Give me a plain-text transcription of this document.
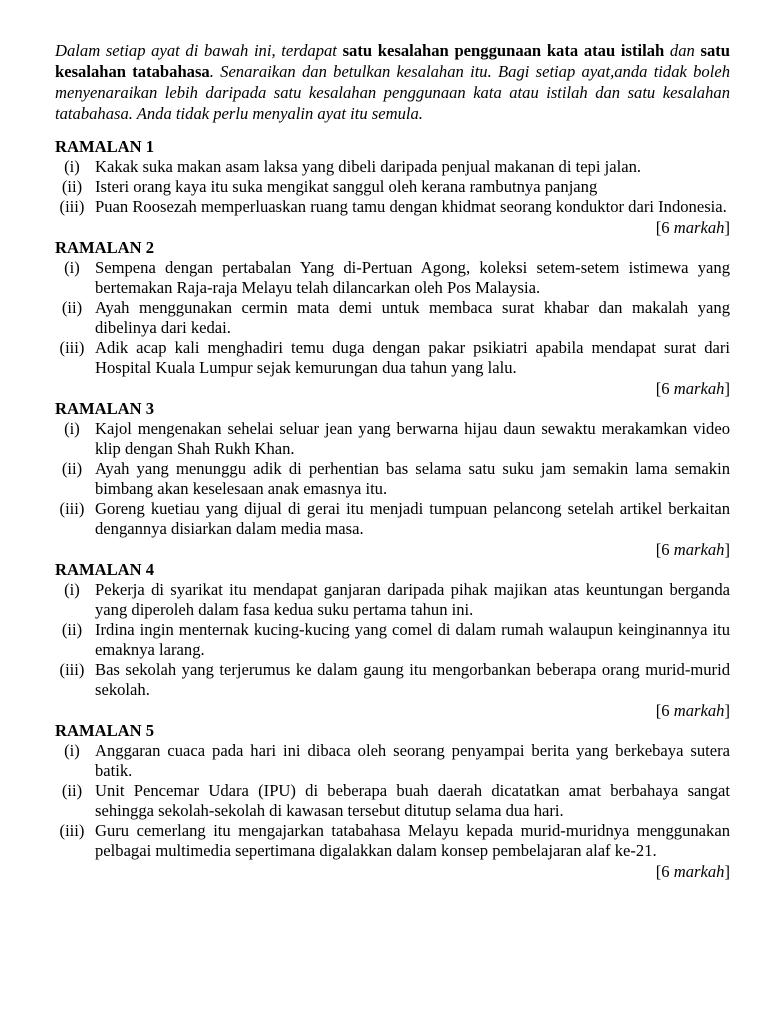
Dalam setiap ayat di bawah ini, terdapat satu kesalahan penggunaan kata atau istilah dan satu kesalahan tatabahasa. Senaraikan dan betulkan kesalahan itu. Bagi setiap ayat,anda tidak boleh menyenaraikan lebih daripada satu kesalahan penggunaan kata atau istilah dan satu kesalahan tatabahasa. Anda tidak perlu menyalin ayat itu semula.

RAMALAN 1
(i) Kakak suka makan asam laksa yang dibeli daripada penjual makanan di tepi jalan.
(ii) Isteri orang kaya itu suka mengikat sanggul oleh kerana rambutnya panjang
(iii) Puan Roosezah memperluaskan ruang tamu dengan khidmat seorang konduktor dari Indonesia.
[6 markah]
RAMALAN 2
(i) Sempena dengan pertabalan Yang di-Pertuan Agong, koleksi setem-setem istimewa yang bertemakan Raja-raja Melayu telah dilancarkan oleh Pos Malaysia.
(ii) Ayah menggunakan cermin mata demi untuk membaca surat khabar dan makalah yang dibelinya dari kedai.
(iii) Adik acap kali menghadiri temu duga dengan pakar psikiatri apabila mendapat surat dari Hospital Kuala Lumpur sejak kemurungan dua tahun yang lalu.
[6 markah]
RAMALAN 3
(i) Kajol mengenakan sehelai seluar jean yang berwarna hijau daun sewaktu merakamkan video klip dengan Shah Rukh Khan.
(ii) Ayah yang menunggu adik di perhentian bas selama satu suku jam semakin lama semakin bimbang akan keselesaan anak emasnya itu.
(iii) Goreng kuetiau yang dijual di gerai itu menjadi tumpuan pelancong setelah artikel berkaitan dengannya disiarkan dalam media masa.
[6 markah]
RAMALAN 4
(i) Pekerja di syarikat itu mendapat ganjaran daripada pihak majikan atas keuntungan berganda yang diperoleh dalam fasa kedua suku pertama tahun ini.
(ii) Irdina ingin menternak kucing-kucing yang comel di dalam rumah walaupun keinginannya itu emaknya larang.
(iii) Bas sekolah yang terjerumus ke dalam gaung itu mengorbankan beberapa orang murid-murid sekolah.
[6 markah]
RAMALAN 5
(i) Anggaran cuaca pada hari ini dibaca oleh seorang penyampai berita yang berkebaya sutera batik.
(ii) Unit Pencemar Udara (IPU) di beberapa buah daerah dicatatkan amat berbahaya sangat sehingga sekolah-sekolah di kawasan tersebut ditutup selama dua hari.
(iii) Guru cemerlang itu mengajarkan tatabahasa Melayu kepada murid-muridnya menggunakan pelbagai multimedia sepertimana digalakkan dalam konsep pembelajaran alaf ke-21.
[6 markah]
